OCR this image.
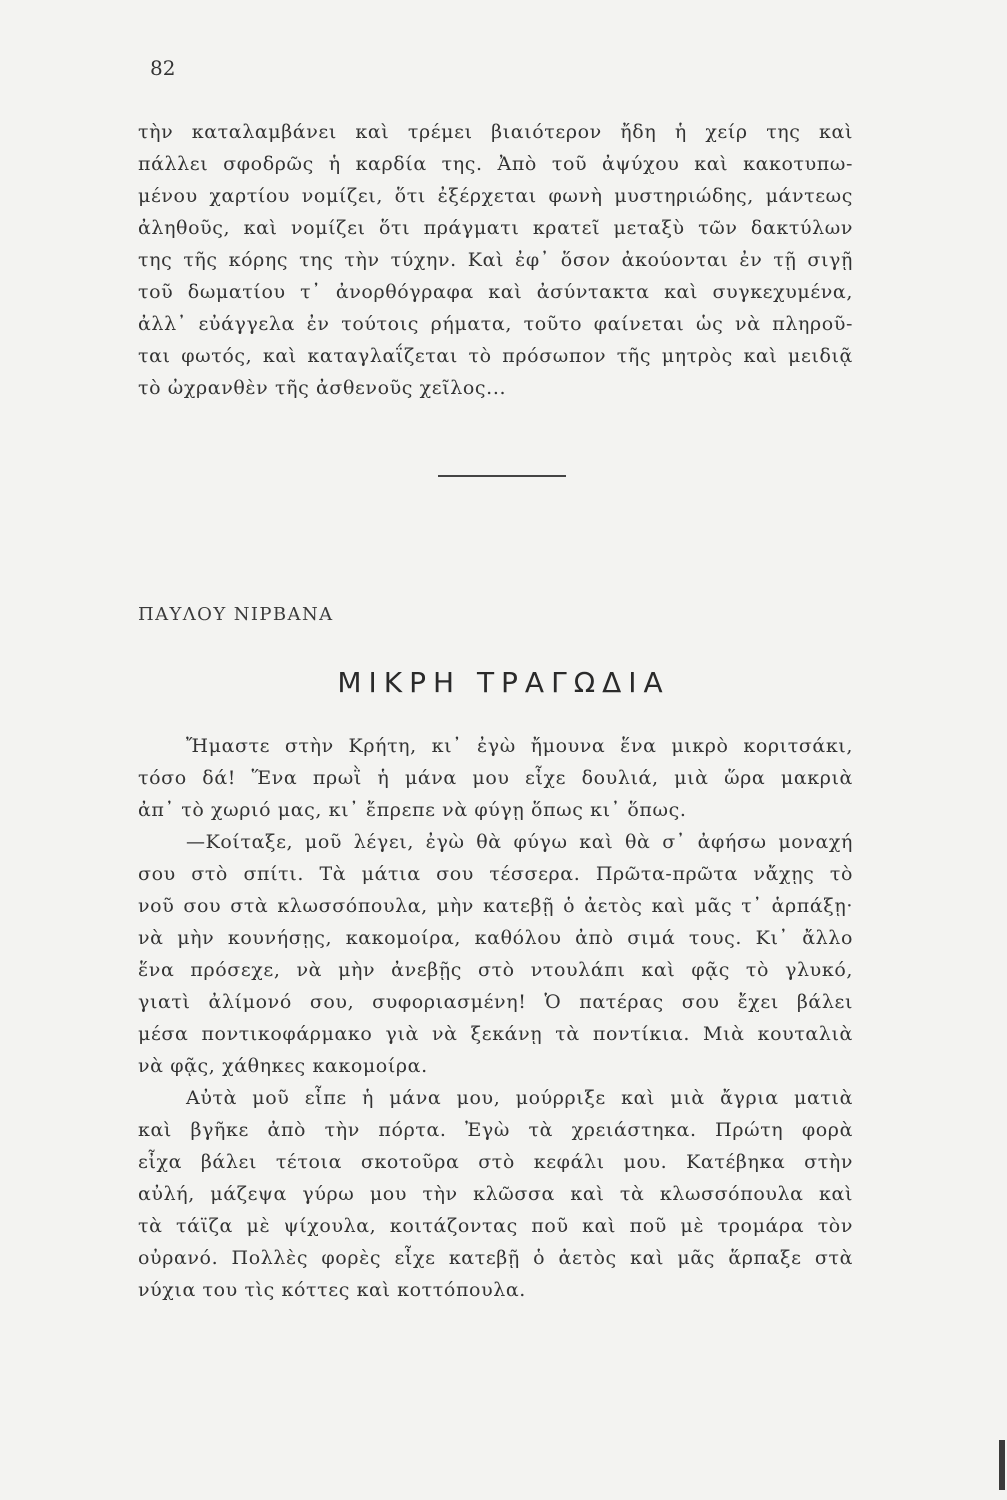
82

τὴν καταλαμβάνει καὶ τρέμει βιαιότερον ἤδη ἡ χείρ της καὶ
πάλλει σφοδρῶς ἡ καρδία της. Ἀπὸ τοῦ ἀψύχου καὶ κακοτυπω-
μένου χαρτίου νομίζει, ὅτι ἐξέρχεται φωνὴ μυστηριώδης, μάντεως
ἀληθοῦς, καὶ νομίζει ὅτι πράγματι κρατεῖ μεταξὺ τῶν δακτύλων
της τῆς κόρης της τὴν τύχην. Καὶ ἐφ᾽ ὅσον ἀκούονται ἐν τῇ σιγῇ
τοῦ δωματίου τ᾽ ἀνορθόγραφα καὶ ἀσύντακτα καὶ συγκεχυμένα,
ἀλλ᾽ εὐάγγελα ἐν τούτοις ρήματα, τοῦτο φαίνεται ὡς νὰ πληροῦ-
ται φωτός, καὶ καταγλαΐζεται τὸ πρόσωπον τῆς μητρὸς καὶ μειδιᾷ
τὸ ὠχρανθὲν τῆς ἀσθενοῦς χεῖλος...

ΠΑΥΛΟΥ ΝΙΡΒΑΝΑ
ΜΙΚΡΗ ΤΡΑΓΩΔΙΑ

Ἤμαστε στὴν Κρήτη, κι᾽ ἐγὼ ἤμουνα ἕνα μικρὸ κοριτσάκι,
τόσο δά! Ἕνα πρωῒ ἡ μάνα μου εἶχε δουλιά, μιὰ ὥρα μακριὰ
ἀπ᾽ τὸ χωριό μας, κι᾽ ἔπρεπε νὰ φύγῃ ὅπως κι᾽ ὅπως.

—Κοίταξε, μοῦ λέγει, ἐγὼ θὰ φύγω καὶ θὰ σ᾽ ἀφήσω μοναχή
σου στὸ σπίτι. Τὰ μάτια σου τέσσερα. Πρῶτα-πρῶτα νἄχῃς τὸ
νοῦ σου στὰ κλωσσόπουλα, μὴν κατεβῇ ὁ ἀετὸς καὶ μᾶς τ᾽ ἁρπάξῃ·
νὰ μὴν κουνήσῃς, κακομοίρα, καθόλου ἀπὸ σιμά τους. Κι᾽ ἄλλο
ἕνα πρόσεχε, νὰ μὴν ἀνεβῇς στὸ ντουλάπι καὶ φᾷς τὸ γλυκό,
γιατὶ ἀλίμονό σου, συφοριασμένη! Ὁ πατέρας σου ἔχει βάλει
μέσα ποντικοφάρμακο γιὰ νὰ ξεκάνῃ τὰ ποντίκια. Μιὰ κουταλιὰ
νὰ φᾷς, χάθηκες κακομοίρα.

Αὐτὰ μοῦ εἶπε ἡ μάνα μου, μούρριξε καὶ μιὰ ἄγρια ματιὰ
καὶ βγῆκε ἀπὸ τὴν πόρτα. Ἐγὼ τὰ χρειάστηκα. Πρώτη φορὰ
εἶχα βάλει τέτοια σκοτοῦρα στὸ κεφάλι μου. Κατέβηκα στὴν
αὐλή, μάζεψα γύρω μου τὴν κλῶσσα καὶ τὰ κλωσσόπουλα καὶ
τὰ τάϊζα μὲ ψίχουλα, κοιτάζοντας ποῦ καὶ ποῦ μὲ τρομάρα τὸν
οὐρανό. Πολλὲς φορὲς εἶχε κατεβῇ ὁ ἀετὸς καὶ μᾶς ἅρπαξε στὰ
νύχια του τὶς κόττες καὶ κοττόπουλα.
